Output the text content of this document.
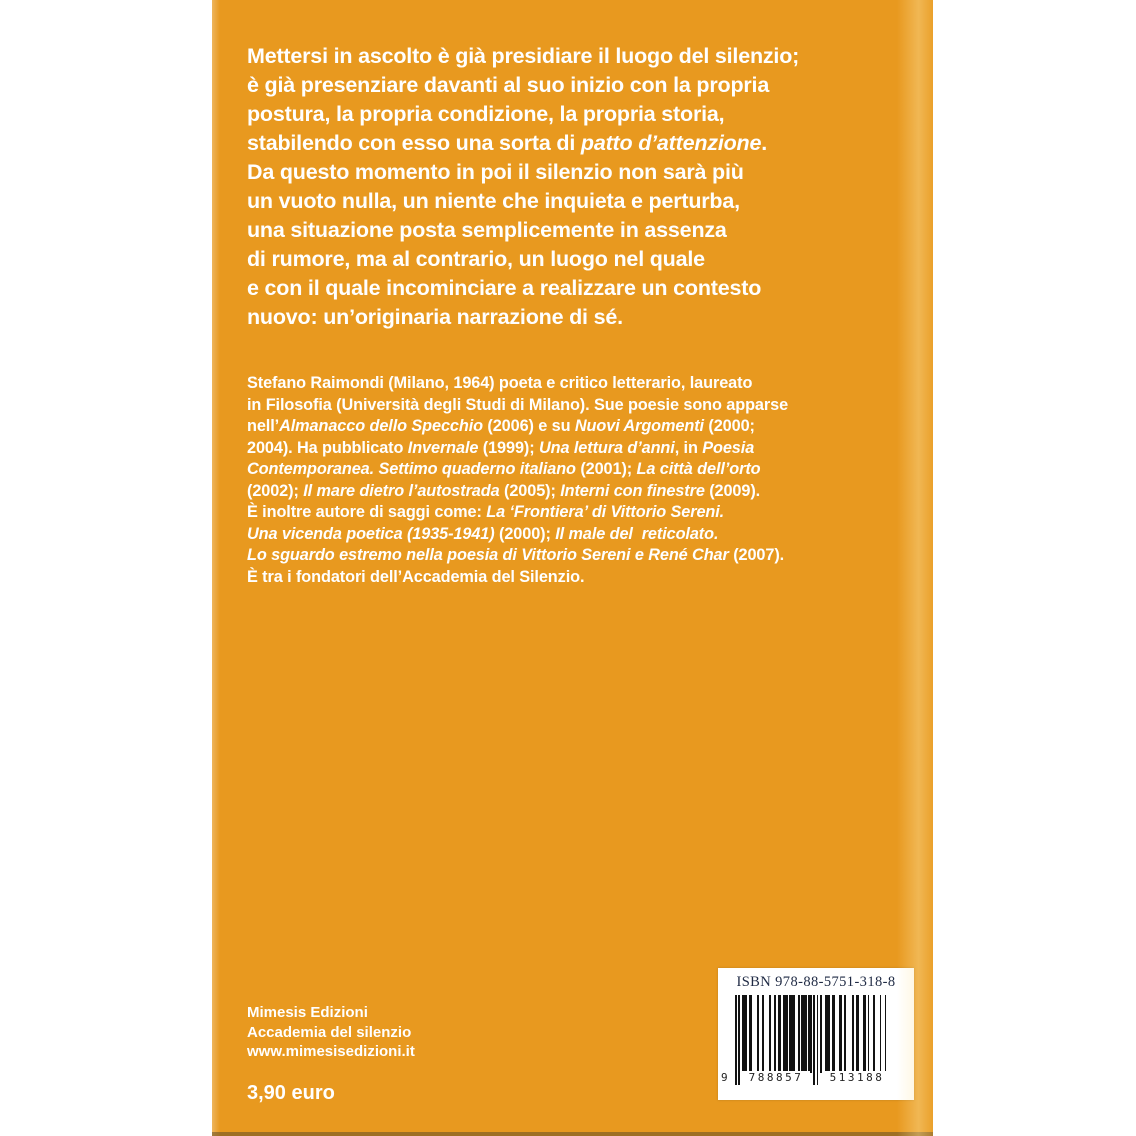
Mettersi in ascolto è già presidiare il luogo del silenzio;
è già presenziare davanti al suo inizio con la propria
postura, la propria condizione, la propria storia,
stabilendo con esso una sorta di patto d’attenzione.
Da questo momento in poi il silenzio non sarà più
un vuoto nulla, un niente che inquieta e perturba,
una situazione posta semplicemente in assenza
di rumore, ma al contrario, un luogo nel quale
e con il quale incominciare a realizzare un contesto
nuovo: un’originaria narrazione di sé.
Stefano Raimondi (Milano, 1964) poeta e critico letterario, laureato
in Filosofia (Università degli Studi di Milano). Sue poesie sono apparse
nell’Almanacco dello Specchio (2006) e su Nuovi Argomenti (2000;
2004). Ha pubblicato Invernale (1999); Una lettura d’anni, in Poesia
Contemporanea. Settimo quaderno italiano (2001); La città dell’orto
(2002); Il mare dietro l’autostrada (2005); Interni con finestre (2009).
È inoltre autore di saggi come: La ‘Frontiera’ di Vittorio Sereni.
Una vicenda poetica (1935-1941) (2000); Il male del  reticolato.
Lo sguardo estremo nella poesia di Vittorio Sereni e René Char (2007).
È tra i fondatori dell’Accademia del Silenzio.
Mimesis Edizioni
Accademia del silenzio
www.mimesisedizioni.it
3,90 euro
ISBN 978-88-5751-318-8
9	788857	513188
